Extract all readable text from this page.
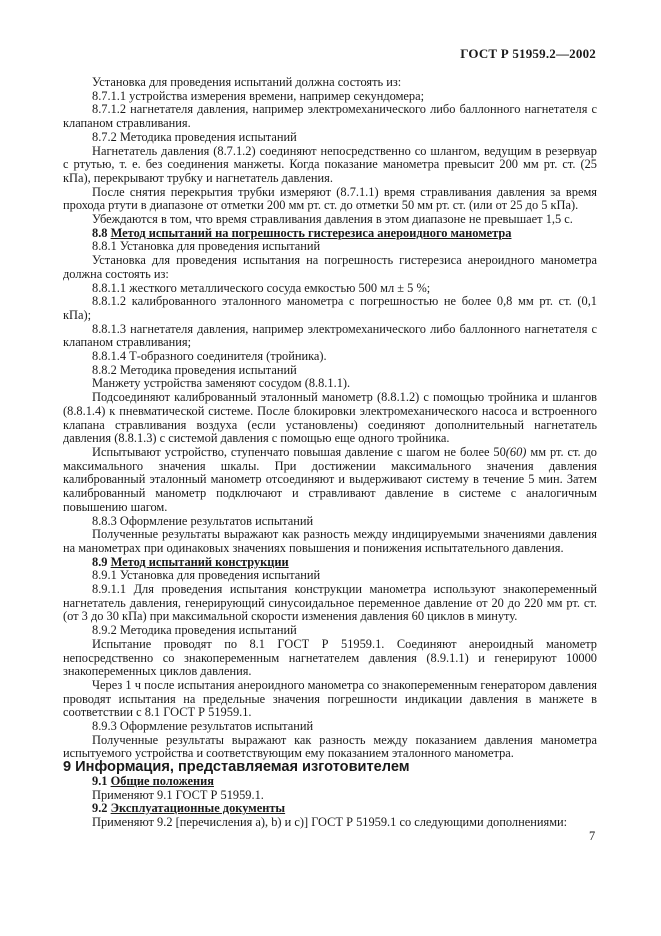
ГОСТ Р 51959.2—2002

Установка для проведения испытаний должна состоять из:

8.7.1.1 устройства измерения времени, например секундомера;

8.7.1.2 нагнетателя давления, например электромеханического либо баллонного нагнетателя с клапаном стравливания.

8.7.2 Методика проведения испытаний

Нагнетатель давления (8.7.1.2) соединяют непосредственно со шлангом, ведущим в резервуар с ртутью, т. е. без соединения манжеты. Когда показание манометра превысит 200 мм рт. ст. (25 кПа), перекрывают трубку и нагнетатель давления.

После снятия перекрытия трубки измеряют (8.7.1.1) время стравливания давления за время прохода ртути в диапазоне от отметки 200 мм рт. ст. до отметки 50 мм рт. ст. (или от 25 до 5 кПа).

Убеждаются в том, что время стравливания давления в этом диапазоне не превышает 1,5 с.

8.8 Метод испытаний на погрешность гистерезиса анероидного манометра

8.8.1 Установка для проведения испытаний

Установка для проведения испытания на погрешность гистерезиса анероидного манометра должна состоять из:

8.8.1.1 жесткого металлического сосуда емкостью 500 мл ± 5 %;

8.8.1.2 калиброванного эталонного манометра с погрешностью не более 0,8 мм рт. ст. (0,1 кПа);

8.8.1.3 нагнетателя давления, например электромеханического либо баллонного нагнетателя с клапаном стравливания;

8.8.1.4 Т-образного соединителя (тройника).

8.8.2 Методика проведения испытаний

Манжету устройства заменяют сосудом (8.8.1.1).

Подсоединяют калиброванный эталонный манометр (8.8.1.2) с помощью тройника и шлангов (8.8.1.4) к пневматической системе. После блокировки электромеханического насоса и встроенного клапана стравливания воздуха (если установлены) соединяют дополнительный нагнетатель давления (8.8.1.3) с системой давления с помощью еще одного тройника.

Испытывают устройство, ступенчато повышая давление с шагом не более 50(60) мм рт. ст. до максимального значения шкалы. При достижении максимального значения давления калиброванный эталонный манометр отсоединяют и выдерживают систему в течение 5 мин. Затем калиброванный манометр подключают и стравливают давление в системе с аналогичным повышению шагом.

8.8.3 Оформление результатов испытаний

Полученные результаты выражают как разность между индицируемыми значениями давления на манометрах при одинаковых значениях повышения и понижения испытательного давления.

8.9 Метод испытаний конструкции

8.9.1 Установка для проведения испытаний

8.9.1.1 Для проведения испытания конструкции манометра используют знакопеременный нагнетатель давления, генерирующий синусоидальное переменное давление от 20 до 220 мм рт. ст. (от 3 до 30 кПа) при максимальной скорости изменения давления 60 циклов в минуту.

8.9.2 Методика проведения испытаний

Испытание проводят по 8.1 ГОСТ Р 51959.1. Соединяют анероидный манометр непосредственно со знакопеременным нагнетателем давления (8.9.1.1) и генерируют 10000 знакопеременных циклов давления.

Через 1 ч после испытания анероидного манометра со знакопеременным генератором давления проводят испытания на предельные значения погрешности индикации давления в манжете в соответствии с 8.1 ГОСТ Р 51959.1.

8.9.3 Оформление результатов испытаний

Полученные результаты выражают как разность между показанием давления манометра испытуемого устройства и соответствующим ему показанием эталонного манометра.

9 Информация, представляемая изготовителем

9.1 Общие положения

Применяют 9.1 ГОСТ Р 51959.1.

9.2 Эксплуатационные документы

Применяют 9.2 [перечисления а), b) и с)] ГОСТ Р 51959.1 со следующими дополнениями:

7
